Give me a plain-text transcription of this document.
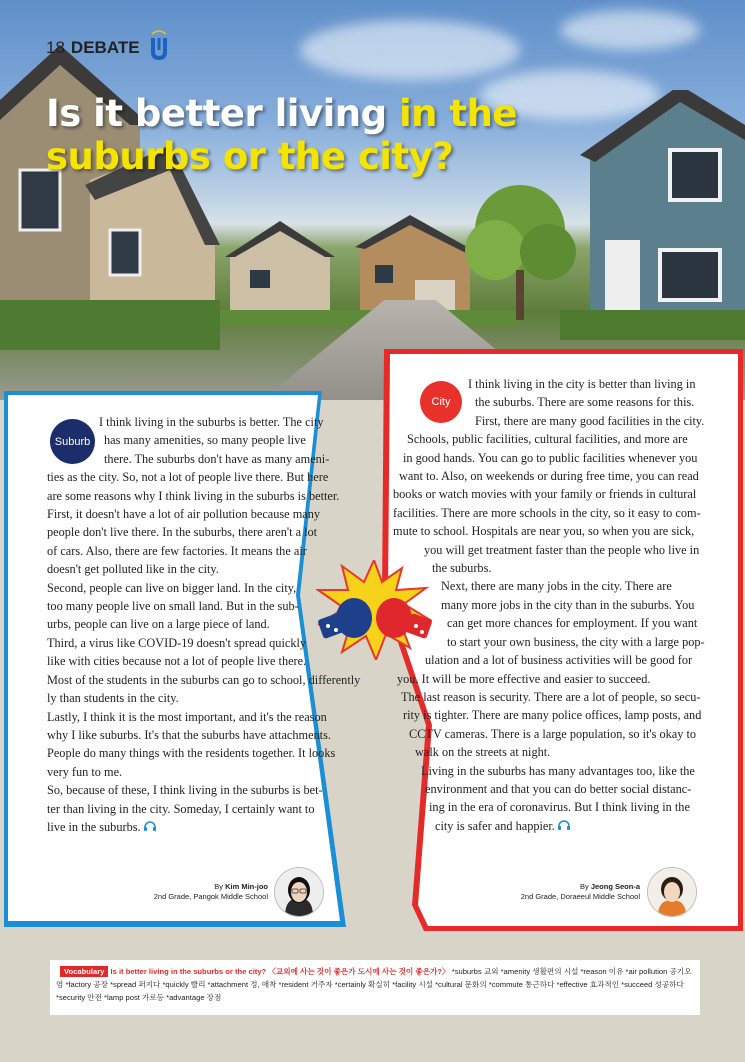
18 DEBATE
Is it better living in the
suburbs or the city?
Suburb
City

I think living in the suburbs is better. The city

has many amenities, so many people live

there. The suburbs don't have as many ameni-

ties as the city. So, not a lot of people live there. But here

are some reasons why I think living in the suburbs is better.

First, it doesn't have a lot of air pollution because many

people don't live there. In the suburbs, there aren't a lot

of cars. Also, there are few factories. It means the air

doesn't get polluted like in the city.

Second, people can live on bigger land. In the city,

too many people live on small land. But in the sub-

urbs, people can live on a large piece of land.

Third, a virus like COVID-19 doesn't spread quickly

like with cities because not a lot of people live there.

Most of the students in the suburbs can go to school, differently

ly than students in the city.

Lastly, I think it is the most important, and it's the reason

why I like suburbs. It's that the suburbs have attachments.

People do many things with the residents together. It looks

very fun to me.

So, because of these, I think living in the suburbs is bet-

ter than living in the city. Someday, I certainly want to

live in the suburbs.

I think living in the city is better than living in

the suburbs. There are some reasons for this.

First, there are many good facilities in the city.

Schools, public facilities, cultural facilities, and more are

in good hands. You can go to public facilities whenever you

want to. Also, on weekends or during free time, you can read

books or watch movies with your family or friends in cultural

facilities. There are more schools in the city, so it easy to com-

mute to school. Hospitals are near you, so when you are sick,

you will get treatment faster than the people who live in

the suburbs.

Next, there are many jobs in the city. There are

many more jobs in the city than in the suburbs. You

can get more chances for employment. If you want

to start your own business, the city with a large pop-

ulation and a lot of business activities will be good for

you. It will be more effective and easier to succeed.

The last reason is security. There are a lot of people, so secu-

rity is tighter. There are many police offices, lamp posts, and

CCTV cameras. There is a large population, so it's okay to

walk on the streets at night.

Living in the suburbs has many advantages too, like the

environment and that you can do better social distanc-

ing in the era of coronavirus. But I think living in the

city is safer and happier.

By Kim Min-joo
2nd Grade, Pangok Middle School
By Jeong Seon-a
2nd Grade, Doraeeul Middle School
Vocabulary Is it better living in the suburbs or the city? 〈교외에 사는 것이 좋은가 도시에 사는 것이 좋은가?〉 *suburbs 교외 *amenity 생활편의 시설 *reason 이유 *air pollution 공기오염 *factory 공장 *spread 퍼지다 *quickly 빨리 *attachment 정, 애착 *resident 거주자 *certainly 확실히 *facility 시설 *cultural 문화의 *commute 통근하다 *effective 효과적인 *succeed 성공하다 *security 안전 *lamp post 가로등 *advantage 장점
